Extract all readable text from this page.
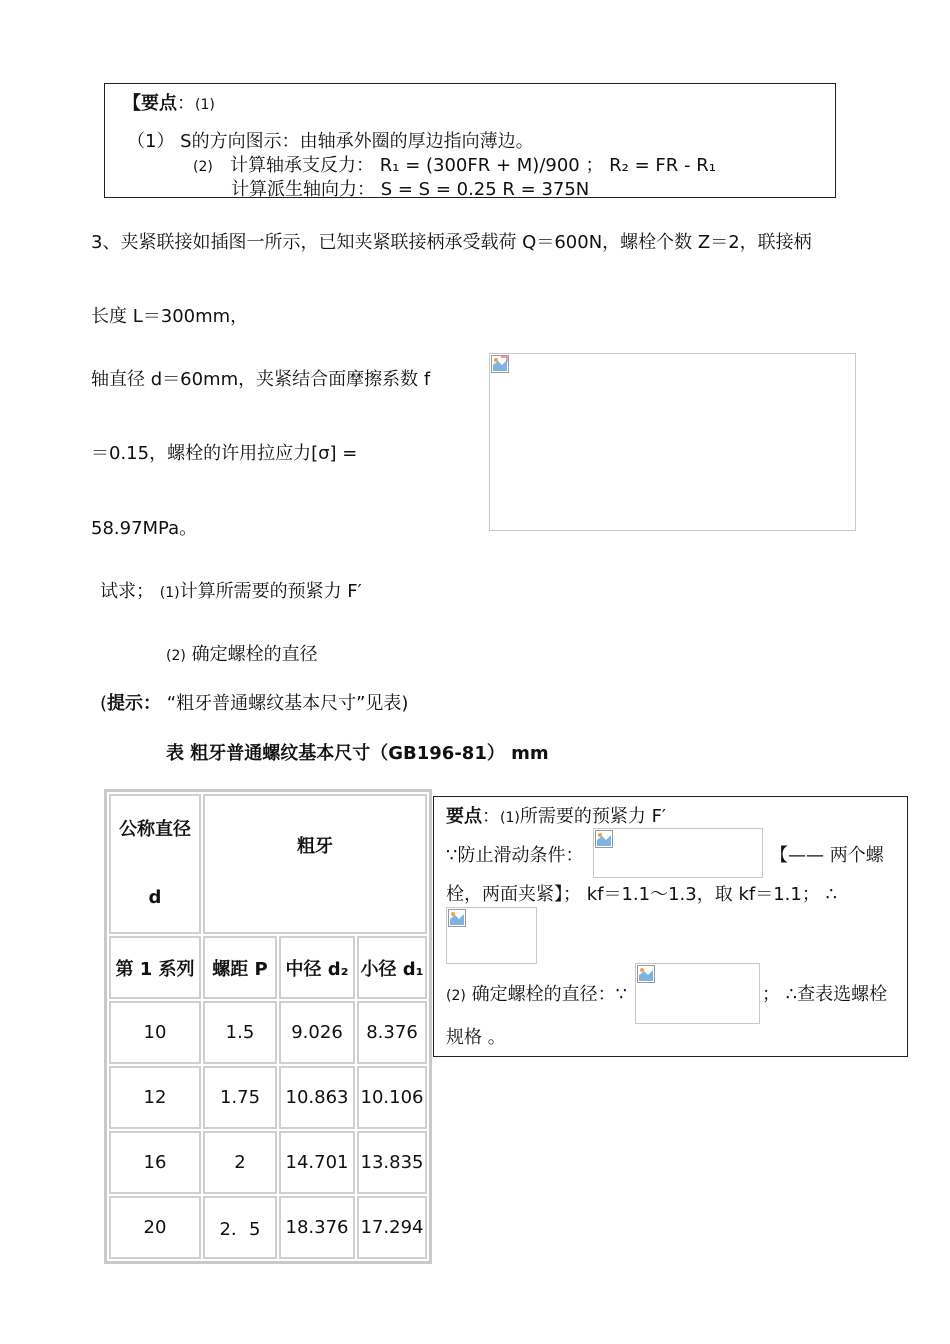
【要点：(1)
（1） S的方向图示：由轴承外圈的厚边指向薄边。
(2) 计算轴承支反力： R₁ = (300FR + M)/900 ； R₂ = FR - R₁
计算派生轴向力： S = S = 0.25 R = 375N
3、夹紧联接如插图一所示，已知夹紧联接柄承受载荷 Q＝600N，螺栓个数 Z＝2，联接柄
长度 L＝300mm，
轴直径 d＝60mm，夹紧结合面摩擦系数 f
＝0.15，螺栓的许用拉应力[σ] =
58.97MPa。
试求； (1)计算所需要的预紧力 F′
(2) 确定螺栓的直径
(提示： “粗牙普通螺纹基本尺寸”见表)
表 粗牙普通螺纹基本尺寸（GB196-81） mm
公称直径
d	粗牙		
第 1 系列	螺距 P	中径 d₂	小径 d₁
10	1.5	9.026	8.376
12	1.75	10.863	10.106
16	2	14.701	13.835
20	2．5	18.376	17.294
要点：(1)所需要的预紧力 F′
∵防止滑动条件：	【—— 两个螺
栓，两面夹紧】； kf＝1.1～1.3，取 kf＝1.1； ∴
(2) 确定螺栓的直径：∵	； ∴查表选螺栓
规格 。
